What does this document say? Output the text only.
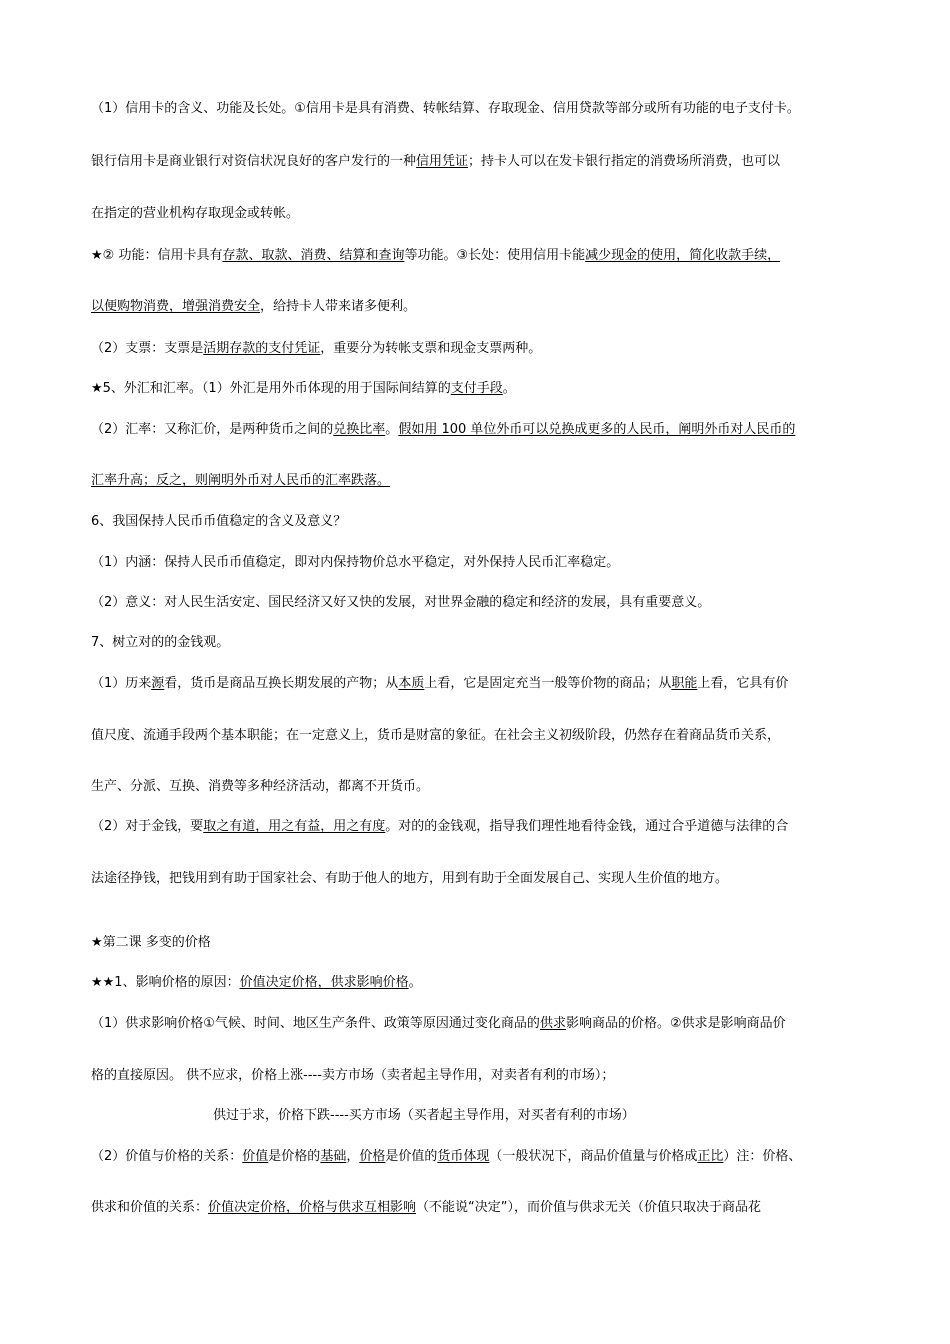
（1）信用卡的含义、功能及长处。①信用卡是具有消费、转帐结算、存取现金、信用贷款等部分或所有功能的电子支付卡。
银行信用卡是商业银行对资信状况良好的客户发行的一种信用凭证；持卡人可以在发卡银行指定的消费场所消费，也可以
在指定的营业机构存取现金或转帐。
★② 功能：信用卡具有存款、取款、消费、结算和查询等功能。③长处：使用信用卡能减少现金的使用，简化收款手续，
以便购物消费，增强消费安全，给持卡人带来诸多便利。
（2）支票：支票是活期存款的支付凭证，重要分为转帐支票和现金支票两种。
★5、外汇和汇率。（1）外汇是用外币体现的用于国际间结算的支付手段。
（2）汇率：又称汇价，是两种货币之间的兑换比率。假如用 100 单位外币可以兑换成更多的人民币，阐明外币对人民币的
汇率升高；反之，则阐明外币对人民币的汇率跌落。
6、我国保持人民币币值稳定的含义及意义？
（1）内涵：保持人民币币值稳定，即对内保持物价总水平稳定，对外保持人民币汇率稳定。
（2）意义：对人民生活安定、国民经济又好又快的发展，对世界金融的稳定和经济的发展，具有重要意义。
7、树立对的的金钱观。
（1）历来源看，货币是商品互换长期发展的产物；从本质上看，它是固定充当一般等价物的商品；从职能上看，它具有价
值尺度、流通手段两个基本职能；在一定意义上，货币是财富的象征。在社会主义初级阶段，仍然存在着商品货币关系，
生产、分派、互换、消费等多种经济活动，都离不开货币。
（2）对于金钱，要取之有道，用之有益，用之有度。对的的金钱观，指导我们理性地看待金钱，通过合乎道德与法律的合
法途径挣钱，把钱用到有助于国家社会、有助于他人的地方，用到有助于全面发展自己、实现人生价值的地方。
★第二课 多变的价格
★★1、影响价格的原因：价值决定价格，供求影响价格。
（1）供求影响价格①气候、时间、地区生产条件、政策等原因通过变化商品的供求影响商品的价格。②供求是影响商品价
格的直接原因。 供不应求，价格上涨----卖方市场（卖者起主导作用，对卖者有利的市场）；
供过于求，价格下跌----买方市场（买者起主导作用，对买者有利的市场）
（2）价值与价格的关系：价值是价格的基础，价格是价值的货币体现（一般状况下，商品价值量与价格成正比）注：价格、
供求和价值的关系：价值决定价格，价格与供求互相影响（不能说“决定”），而价值与供求无关（价值只取决于商品花
